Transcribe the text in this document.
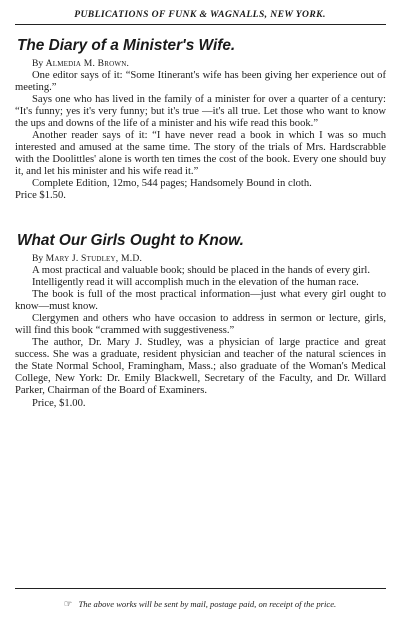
PUBLICATIONS OF FUNK & WAGNALLS, NEW YORK.
The Diary of a Minister's Wife.
By Almedia M. Brown.

One editor says of it: “Some Itinerant's wife has been giving her experience out of meeting.”

Says one who has lived in the family of a minister for over a quarter of a century: “It's funny; yes it's very funny; but it's true —it's all true. Let those who want to know the ups and downs of the life of a minister and his wife read this book.”

Another reader says of it: “I have never read a book in which I was so much interested and amused at the same time. The story of the trials of Mrs. Hardscrabble with the Doolittles' alone is worth ten times the cost of the book. Every one should buy it, and let his minister and his wife read it.”

Complete Edition, 12mo, 544 pages; Handsomely Bound in cloth.

Price $1.50.

What Our Girls Ought to Know.
By Mary J. Studley, M.D.

A most practical and valuable book; should be placed in the hands of every girl.

Intelligently read it will accomplish much in the elevation of the human race.

The book is full of the most practical information—just what every girl ought to know—must know.

Clergymen and others who have occasion to address in sermon or lecture, girls, will find this book “crammed with suggestiveness.”

The author, Dr. Mary J. Studley, was a physician of large practice and great success. She was a graduate, resident physician and teacher of the natural sciences in the State Normal School, Framingham, Mass.; also graduate of the Woman's Medical College, New York: Dr. Emily Blackwell, Secretary of the Faculty, and Dr. Willard Parker, Chairman of the Board of Examiners.

Price, $1.00.

☞ The above works will be sent by mail, postage paid, on receipt of the price.
